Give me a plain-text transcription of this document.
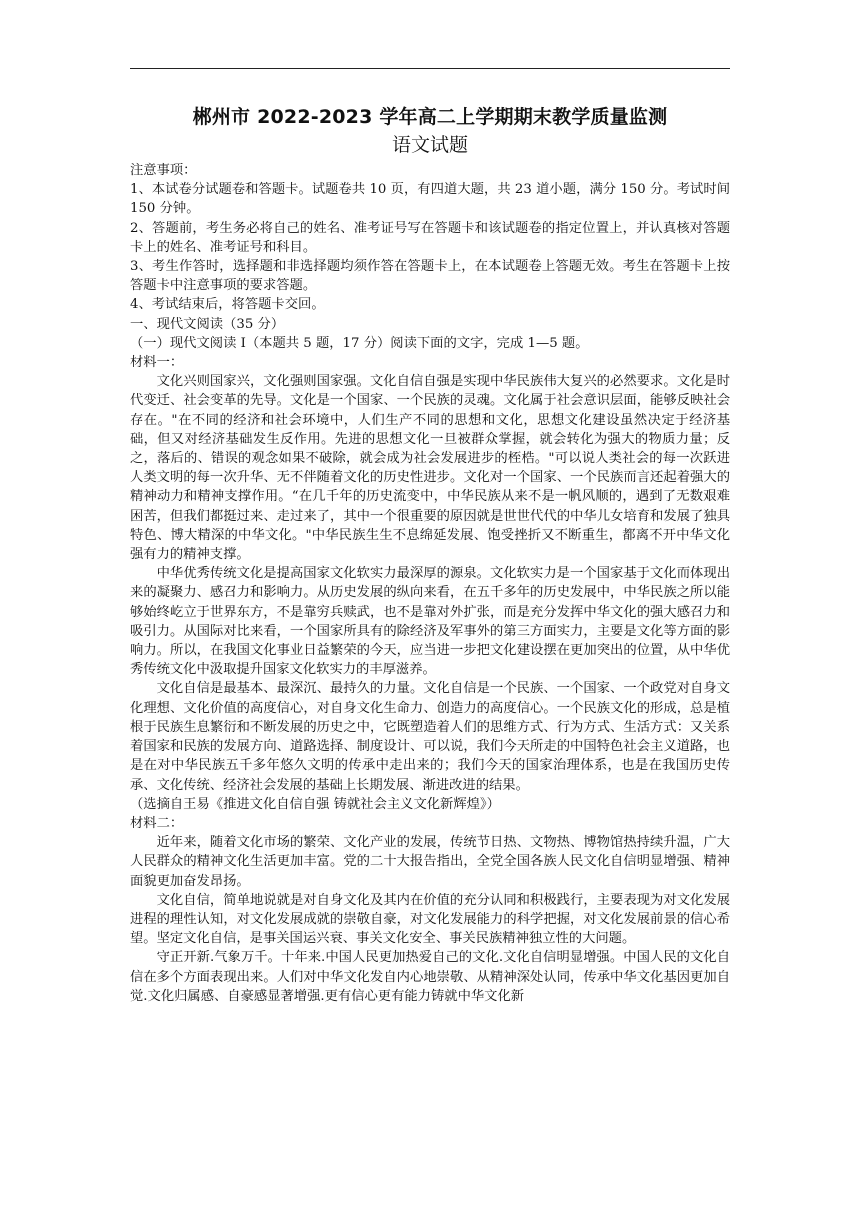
郴州市 2022-2023 学年高二上学期期末教学质量监测
语文试题
注意事项：
1、本试卷分试题卷和答题卡。试题卷共 10 页，有四道大题，共 23 道小题，满分 150 分。考试时间 150 分钟。
2、答题前，考生务必将自己的姓名、准考证号写在答题卡和该试题卷的指定位置上，并认真核对答题卡上的姓名、准考证号和科目。
3、考生作答时，选择题和非选择题均须作答在答题卡上，在本试题卷上答题无效。考生在答题卡上按答题卡中注意事项的要求答题。
4、考试结束后，将答题卡交回。
一、现代文阅读（35 分）
（一）现代文阅读 I（本题共 5 题，17 分）阅读下面的文字，完成 1—5 题。
材料一：
文化兴则国家兴，文化强则国家强。文化自信自强是实现中华民族伟大复兴的必然要求。文化是时代变迁、社会变革的先导。文化是一个国家、一个民族的灵魂。文化属于社会意识层面，能够反映社会存在。"在不同的经济和社会环境中，人们生产不同的思想和文化，思想文化建设虽然决定于经济基础，但又对经济基础发生反作用。先进的思想文化一旦被群众掌握，就会转化为强大的物质力量；反之，落后的、错误的观念如果不破除，就会成为社会发展进步的桎梏。"可以说人类社会的每一次跃进人类文明的每一次升华、无不伴随着文化的历史性进步。文化对一个国家、一个民族而言还起着强大的精神动力和精神支撑作用。“在几千年的历史流变中，中华民族从来不是一帆风顺的，遇到了无数艰难困苦，但我们都挺过来、走过来了，其中一个很重要的原因就是世世代代的中华儿女培育和发展了独具特色、博大精深的中华文化。"中华民族生生不息绵延发展、饱受挫折又不断重生，都离不开中华文化强有力的精神支撑。
中华优秀传统文化是提高国家文化软实力最深厚的源泉。文化软实力是一个国家基于文化而体现出来的凝聚力、感召力和影响力。从历史发展的纵向来看，在五千多年的历史发展中，中华民族之所以能够始终屹立于世界东方，不是靠穷兵赎武，也不是靠对外扩张，而是充分发挥中华文化的强大感召力和吸引力。从国际对比来看，一个国家所具有的除经济及军事外的第三方面实力，主要是文化等方面的影响力。所以，在我国文化事业日益繁荣的今天，应当进一步把文化建设摆在更加突出的位置，从中华优秀传统文化中汲取提升国家文化软实力的丰厚滋养。
文化自信是最基本、最深沉、最持久的力量。文化自信是一个民族、一个国家、一个政党对自身文化理想、文化价值的高度信心，对自身文化生命力、创造力的高度信心。一个民族文化的形成，总是植根于民族生息繁衍和不断发展的历史之中，它既塑造着人们的思维方式、行为方式、生活方式：又关系着国家和民族的发展方向、道路选择、制度设计、可以说，我们今天所走的中国特色社会主义道路，也是在对中华民族五千多年悠久文明的传承中走出来的；我们今天的国家治理体系，也是在我国历史传承、文化传统、经济社会发展的基础上长期发展、渐进改进的结果。
（选摘自王易《推进文化自信自强 铸就社会主义文化新辉煌》）
材料二：
近年来，随着文化市场的繁荣、文化产业的发展，传统节日热、文物热、博物馆热持续升温，广大人民群众的精神文化生活更加丰富。党的二十大报告指出，全党全国各族人民文化自信明显增强、精神面貌更加奋发昂扬。
文化自信，简单地说就是对自身文化及其内在价值的充分认同和积极践行，主要表现为对文化发展进程的理性认知，对文化发展成就的崇敬自豪，对文化发展能力的科学把握，对文化发展前景的信心希望。坚定文化自信，是事关国运兴衰、事关文化安全、事关民族精神独立性的大问题。
守正开新.气象万千。十年来.中国人民更加热爱自己的文化.文化自信明显增强。中国人民的文化自信在多个方面表现出来。人们对中华文化发自内心地崇敬、从精神深处认同，传承中华文化基因更加自觉.文化归属感、自豪感显著增强.更有信心更有能力铸就中华文化新
